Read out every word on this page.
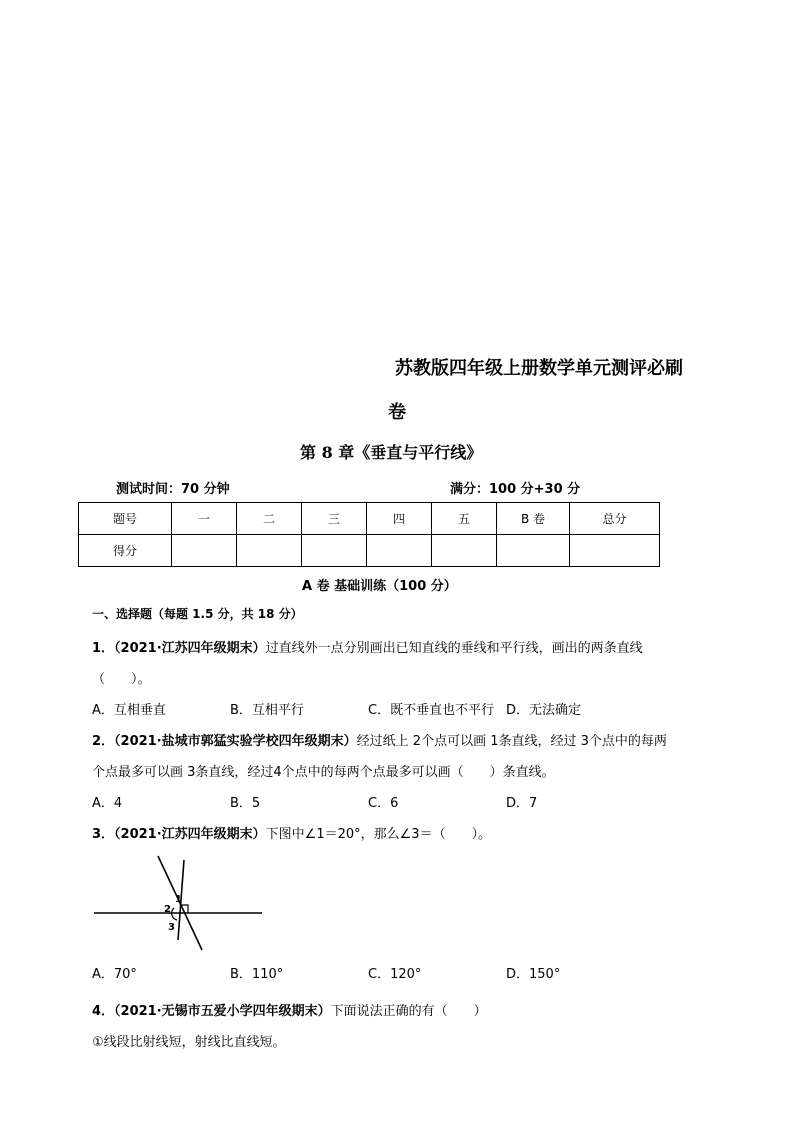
苏教版四年级上册数学单元测评必刷
卷
第 8 章《垂直与平行线》
测试时间：70 分钟	满分：100 分+30 分
题号	一	二	三	四	五	B 卷	总分
得分							
A 卷 基础训练（100 分）
一、选择题（每题 1.5 分，共 18 分）
1．（2021·江苏四年级期末）过直线外一点分别画出已知直线的垂线和平行线，画出的两条直线
（　　）。
A．互相垂直	B．互相平行	C．既不垂直也不平行 D．无法确定
2．（2021·盐城市郭猛实验学校四年级期末）经过纸上 2个点可以画 1条直线，经过 3个点中的每两
个点最多可以画 3条直线，经过4个点中的每两个点最多可以画（　　）条直线。
A．4	B．5	C．6	D．7
3．（2021·江苏四年级期末）下图中∠1＝20°，那么∠3＝（　　）。
1
2
3
A．70°	B．110°	C．120°	D．150°
4．（2021·无锡市五爱小学四年级期末）下面说法正确的有（　　）
①线段比射线短，射线比直线短。
